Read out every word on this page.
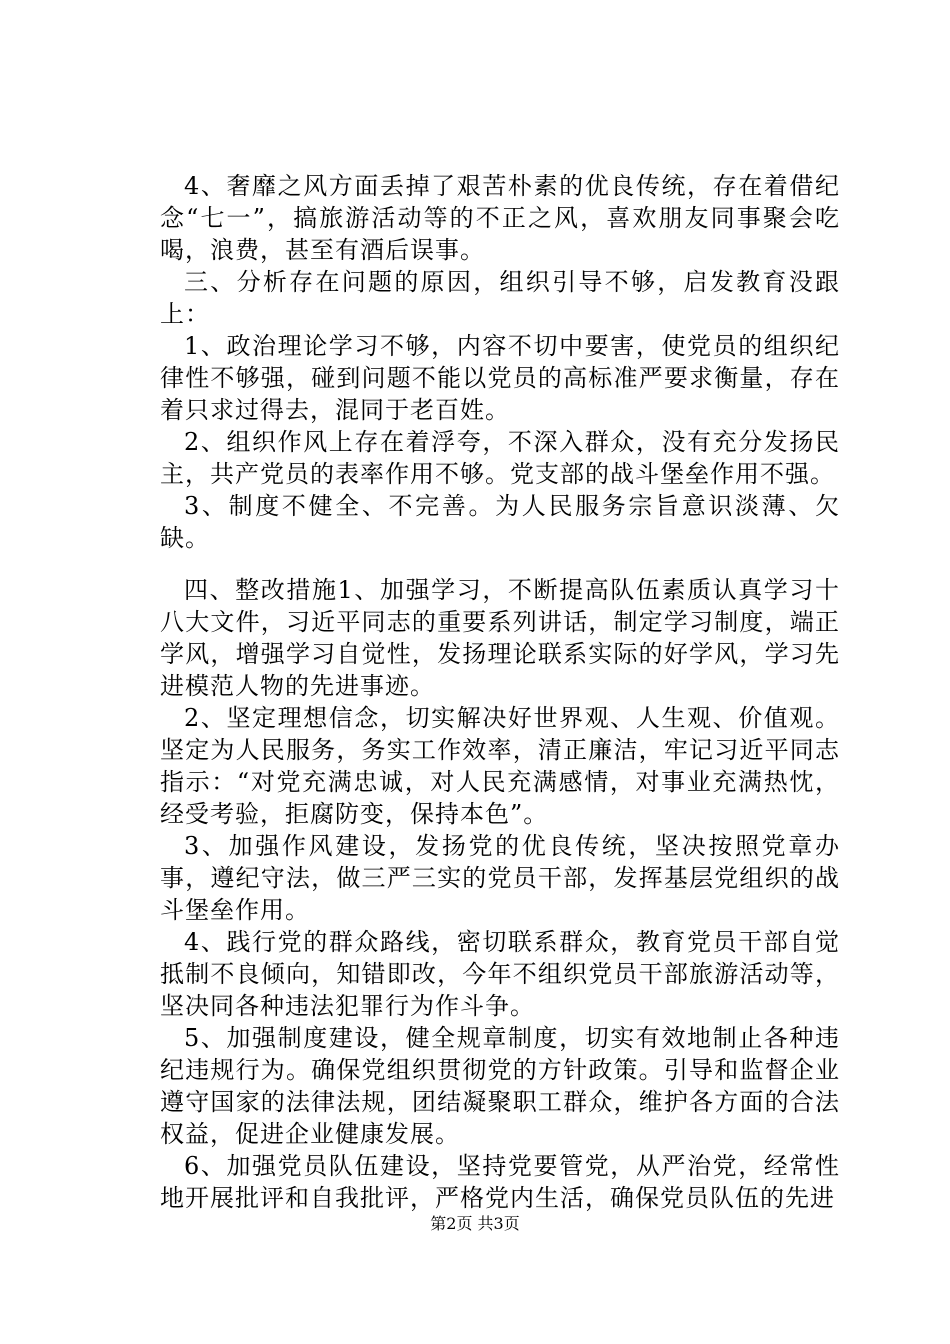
4、奢靡之风方面丢掉了艰苦朴素的优良传统，存在着借纪念“七一”，搞旅游活动等的不正之风，喜欢朋友同事聚会吃喝，浪费，甚至有酒后误事。

三、分析存在问题的原因，组织引导不够，启发教育没跟上：

1、政治理论学习不够，内容不切中要害，使党员的组织纪律性不够强，碰到问题不能以党员的高标准严要求衡量，存在着只求过得去，混同于老百姓。

2、组织作风上存在着浮夸，不深入群众，没有充分发扬民主，共产党员的表率作用不够。党支部的战斗堡垒作用不强。

3、制度不健全、不完善。为人民服务宗旨意识淡薄、欠缺。

四、整改措施1、加强学习，不断提高队伍素质认真学习十八大文件，习近平同志的重要系列讲话，制定学习制度，端正学风，增强学习自觉性，发扬理论联系实际的好学风，学习先进模范人物的先进事迹。

2、坚定理想信念，切实解决好世界观、人生观、价值观。坚定为人民服务，务实工作效率，清正廉洁，牢记习近平同志指示：“对党充满忠诚，对人民充满感情，对事业充满热忱，经受考验，拒腐防变，保持本色”。

3、加强作风建设，发扬党的优良传统，坚决按照党章办事，遵纪守法，做三严三实的党员干部，发挥基层党组织的战斗堡垒作用。

4、践行党的群众路线，密切联系群众，教育党员干部自觉抵制不良倾向，知错即改，今年不组织党员干部旅游活动等，坚决同各种违法犯罪行为作斗争。

5、加强制度建设，健全规章制度，切实有效地制止各种违纪违规行为。确保党组织贯彻党的方针政策。引导和监督企业遵守国家的法律法规，团结凝聚职工群众，维护各方面的合法权益，促进企业健康发展。

6、加强党员队伍建设，坚持党要管党，从严治党，经常性地开展批评和自我批评，严格党内生活，确保党员队伍的先进

第2页 共3页
